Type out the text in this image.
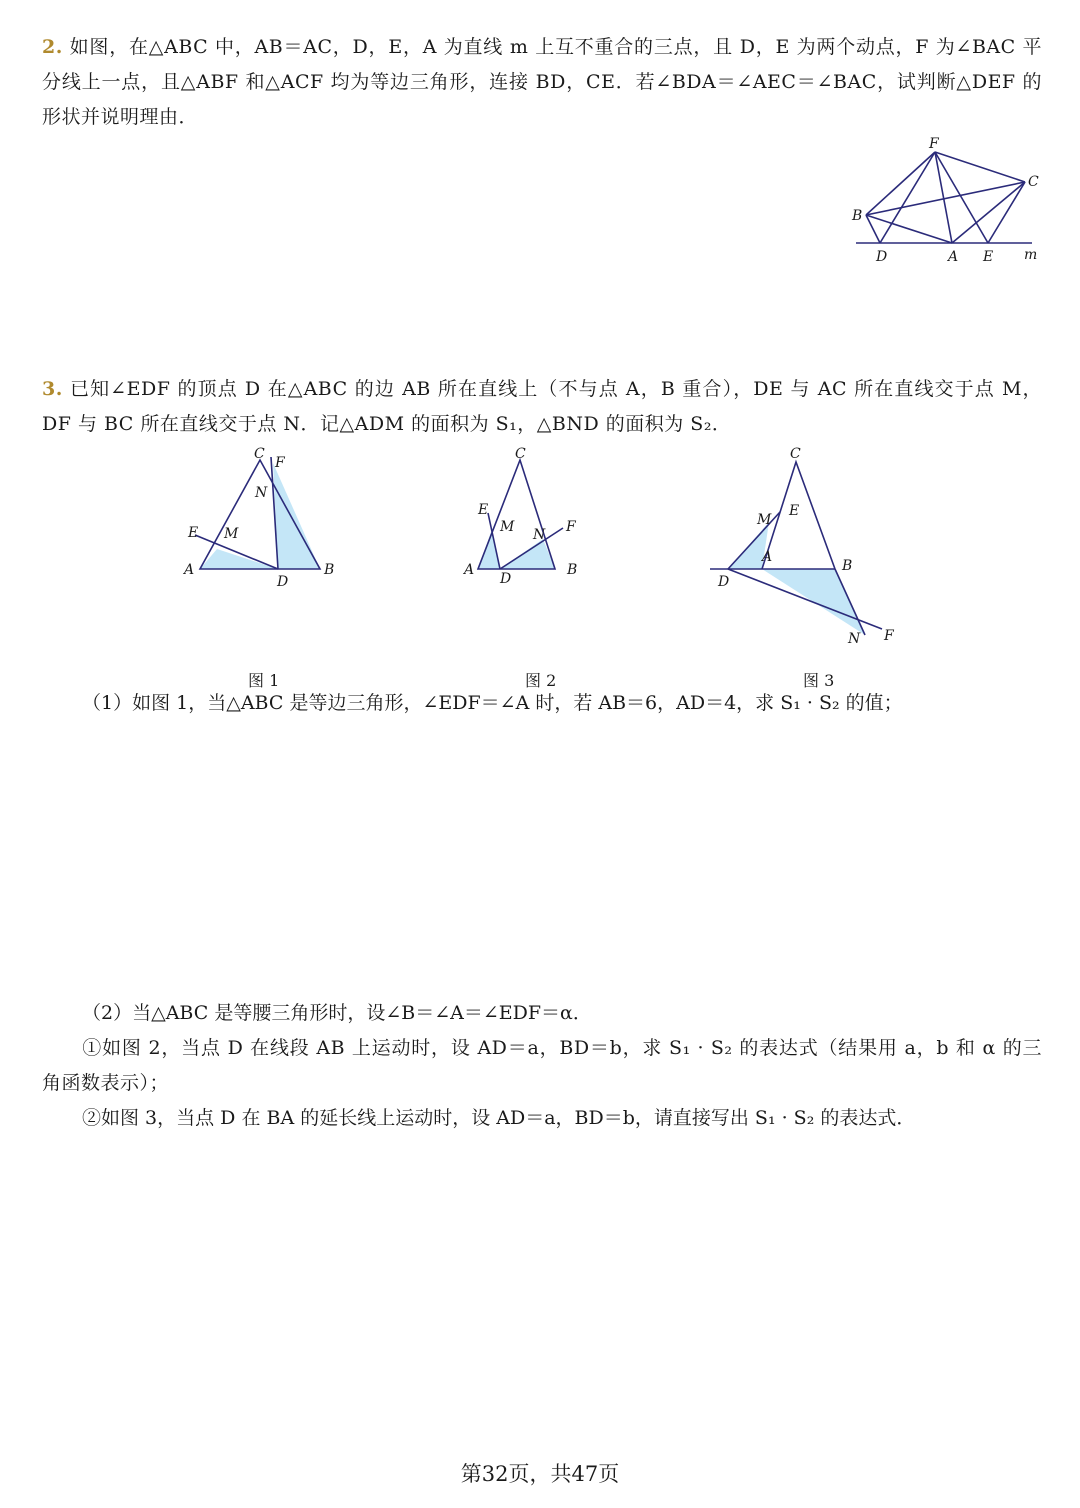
2. 如图，在△ABC 中，AB＝AC，D，E，A 为直线 m 上互不重合的三点，且 D，E 为两个动点，F 为∠BAC 平分线上一点，且△ABF 和△ACF 均为等边三角形，连接 BD，CE．若∠BDA＝∠AEC＝∠BAC，试判断△DEF 的形状并说明理由．

F
C
B
D	A E m

3. 已知∠EDF 的顶点 D 在△ABC 的边 AB 所在直线上（不与点 A，B 重合），DE 与 AC 所在直线交于点 M，DF 与 BC 所在直线交于点 N．记△ADM 的面积为 S₁，△BND 的面积为 S₂．

C
F
N
E M
A
D
B
图 1
C
E
M N F
A
D
B
图 2
C
M
E
A
B
D
N F
图 3

（1）如图 1，当△ABC 是等边三角形，∠EDF＝∠A 时，若 AB＝6，AD＝4，求 S₁ · S₂ 的值；

（2）当△ABC 是等腰三角形时，设∠B＝∠A＝∠EDF＝α．

①如图 2，当点 D 在线段 AB 上运动时，设 AD＝a，BD＝b，求 S₁ · S₂ 的表达式（结果用 a，b 和 α 的三角函数表示）；

②如图 3，当点 D 在 BA 的延长线上运动时，设 AD＝a，BD＝b，请直接写出 S₁ · S₂ 的表达式．

第32页，共47页
